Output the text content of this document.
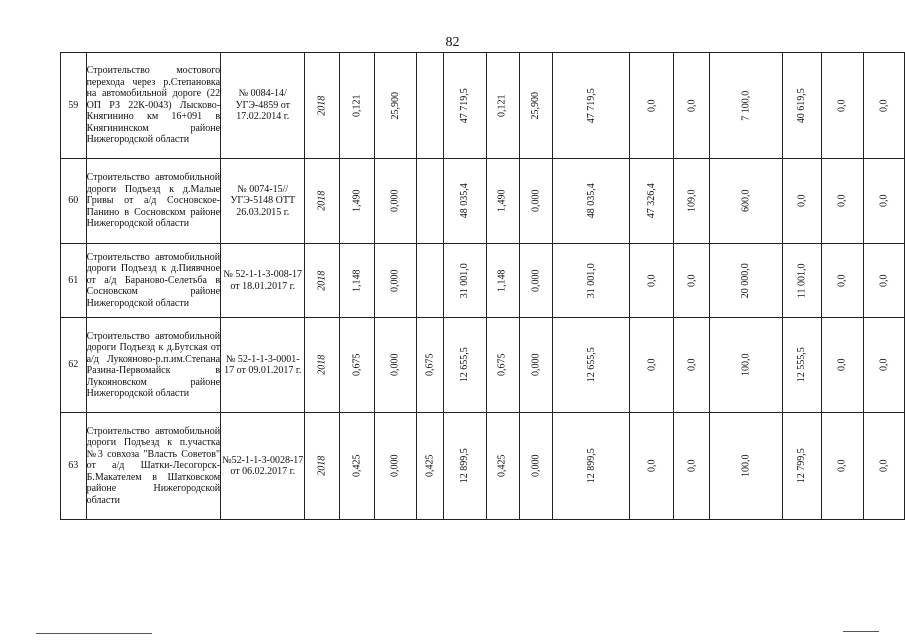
82
59	Строительство мостового перехода через р.Степановка на автомобильной дороге (22 ОП РЗ 22К-0043) Лысково-Княгинино км 16+091 в Княгининском районе Нижегородской области	№ 0084-14/УГЭ-4859 от 17.02.2014 г.	2018	0,121	25,900		47 719,5	0,121	25,900	47 719,5	0,0	0,0	7 100,0	40 619,5	0,0	0,0
60	Строительство автомобильной дороги Подъезд к д.Малые Гривы от а/д Сосновское-Панино в Сосновском районе Нижегородской области	№ 0074-15//УГЭ-5148 ОТТ 26.03.2015 г.	2018	1,490	0,000		48 035,4	1,490	0,000	48 035,4	47 326,4	109,0	600,0	0,0	0,0	0,0
61	Строительство автомобильной дороги Подъезд к д.Пиявчное от а/д Бараново-Селетьба в Сосновском районе Нижегородской области	№ 52-1-1-3-008-17 от 18.01.2017 г.	2018	1,148	0,000		31 001,0	1,148	0,000	31 001,0	0,0	0,0	20 000,0	11 001,0	0,0	0,0
62	Строительство автомобильной дороги Подъезд к д.Бутская от а/д Лукояново-р.п.им.Степана Разина-Первомайск в Лукояновском районе Нижегородской области	№ 52-1-1-3-0001-17 от 09.01.2017 г.	2018	0,675	0,000	0,675	12 655,5	0,675	0,000	12 655,5	0,0	0,0	100,0	12 555,5	0,0	0,0
63	Строительство автомобильной дороги Подъезд к п.участка №3 совхоза "Власть Советов" от а/д Шатки-Лесогорск-Б.Макателем в Шатковском районе Нижегородской области	№52-1-1-3-0028-17 от 06.02.2017 г.	2018	0,425	0,000	0,425	12 899,5	0,425	0,000	12 899,5	0,0	0,0	100,0	12 799,5	0,0	0,0
